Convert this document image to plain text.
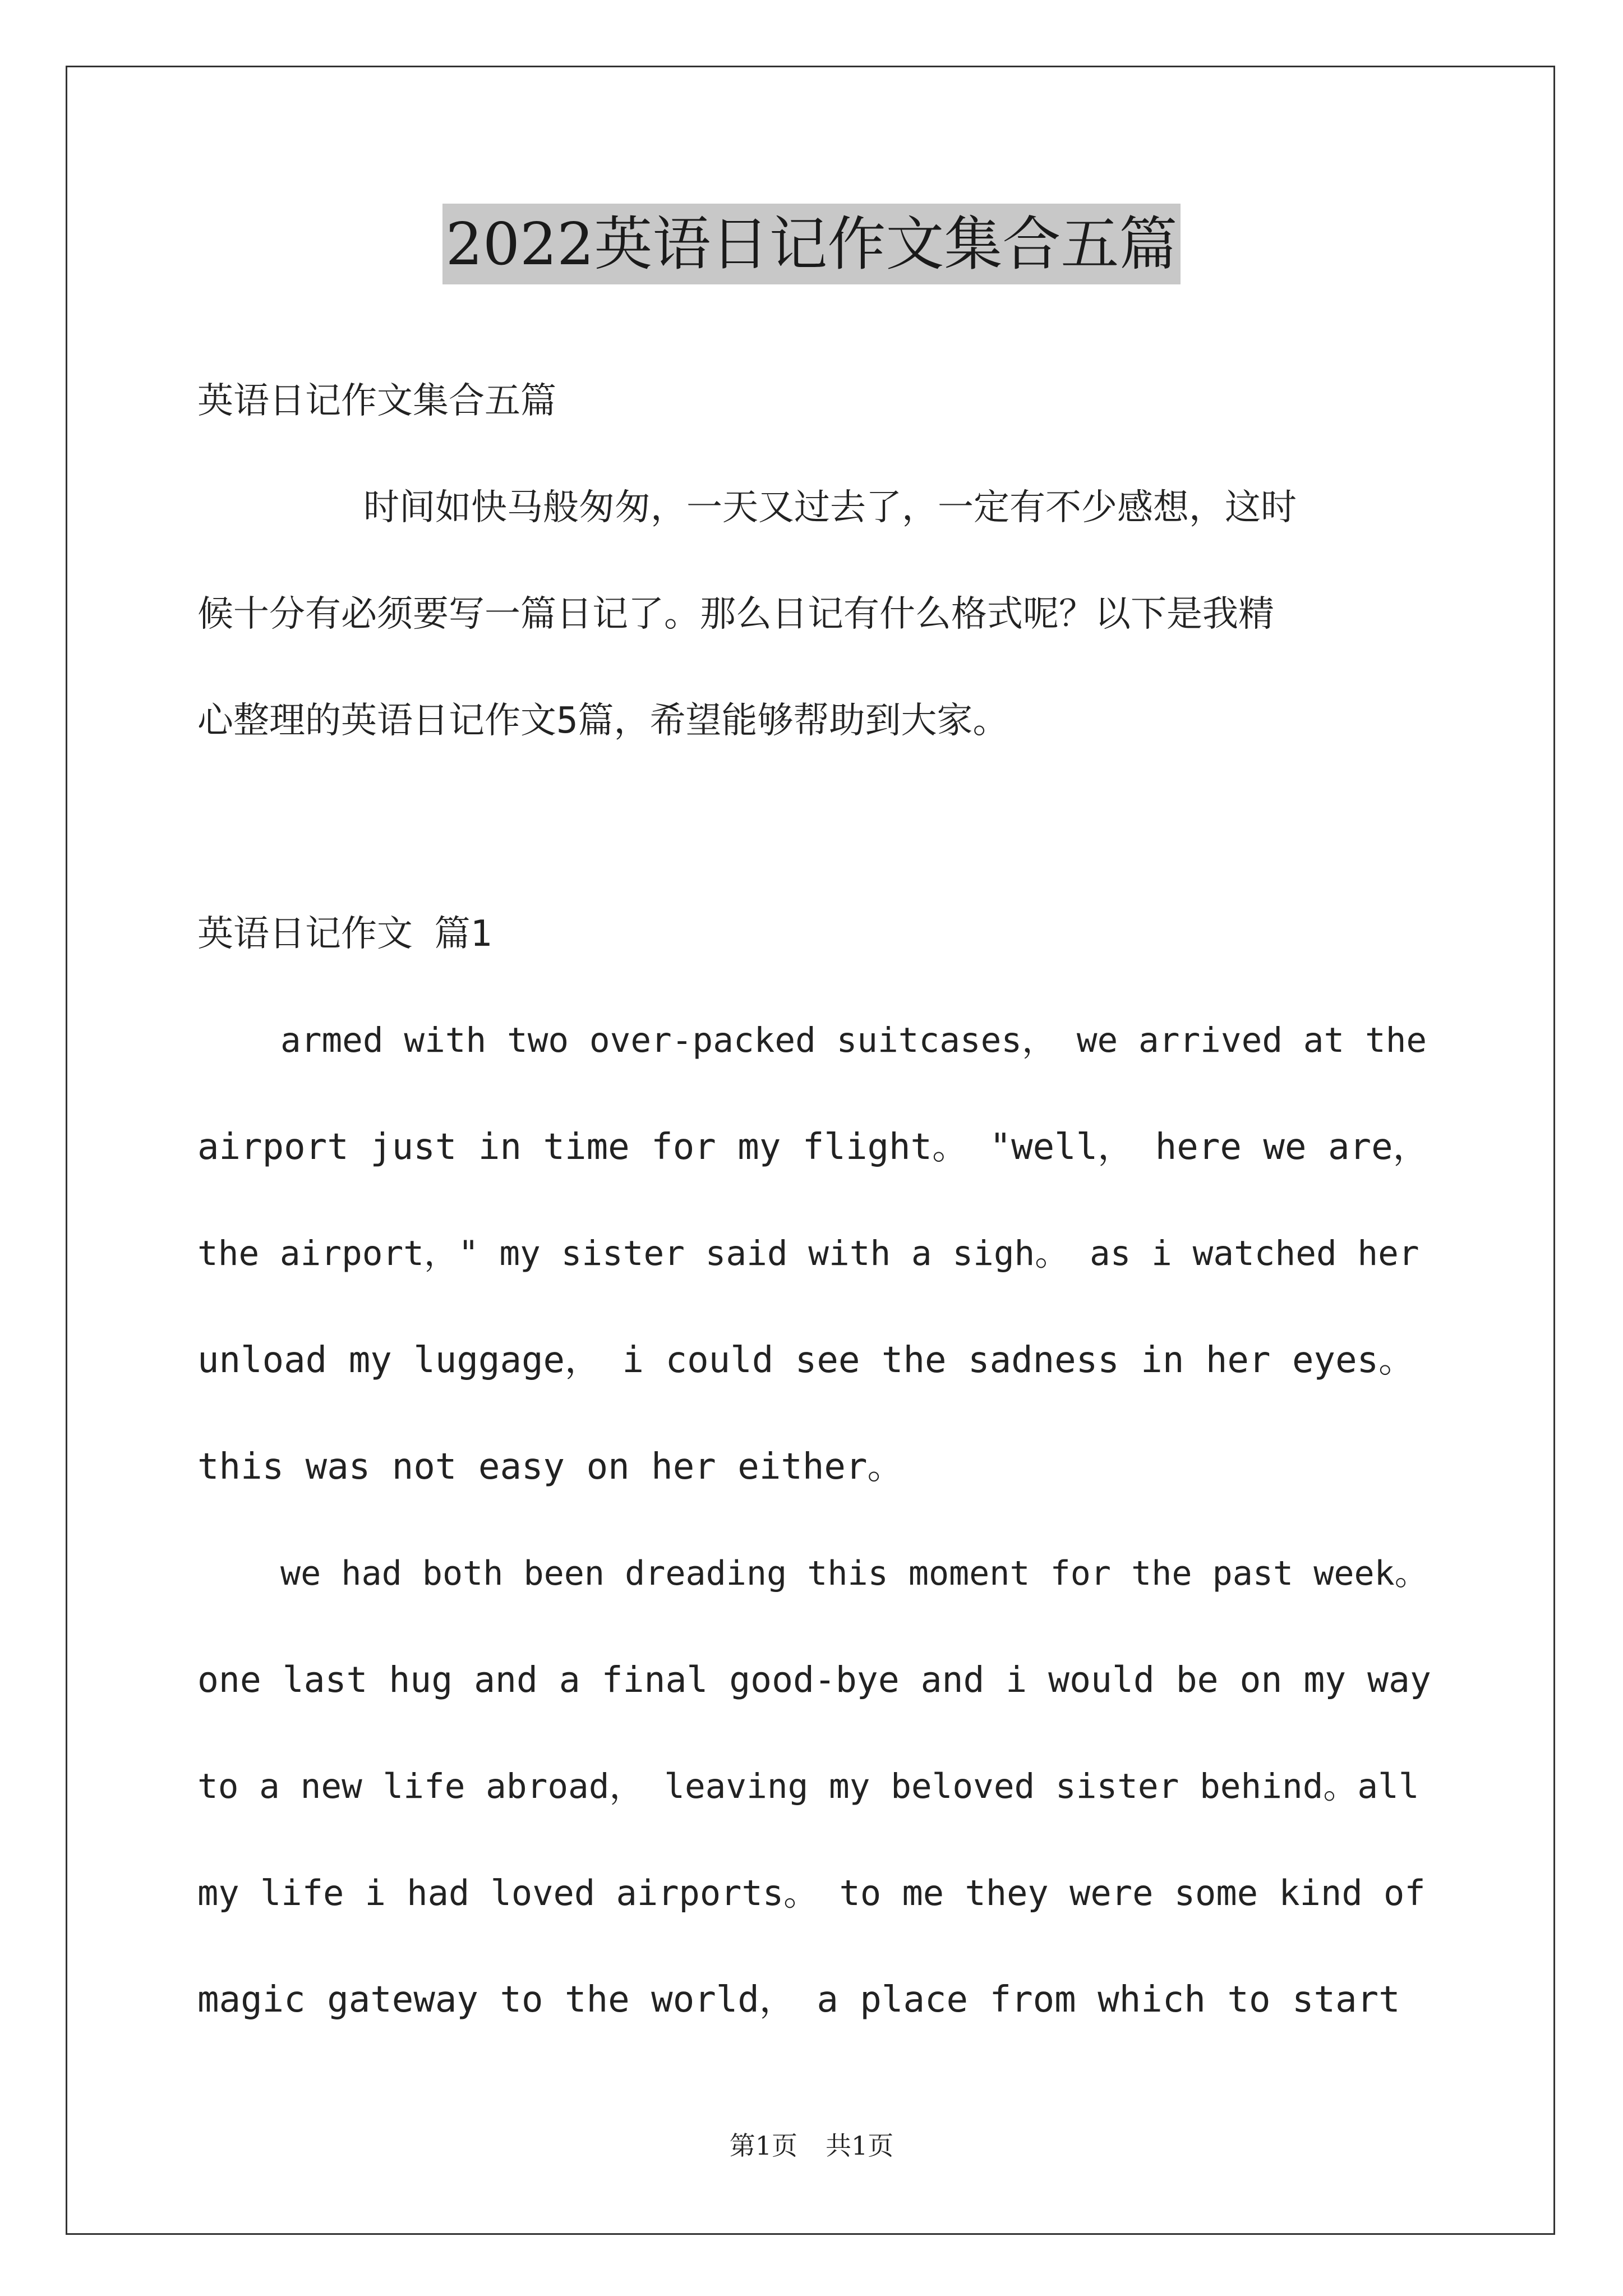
2022英语日记作文集合五篇
英语日记作文集合五篇
时间如快马般匆匆，一天又过去了，一定有不少感想，这时
候十分有必须要写一篇日记了。那么日记有什么格式呢？以下是我精
心整理的英语日记作文5篇，希望能够帮助到大家。
英语日记作文 篇1
armed with two over-packed suitcases， we arrived at the
airport just in time for my flight。 "well， here we are，
the airport，" my sister said with a sigh。 as i watched her
unload my luggage， i could see the sadness in her eyes。
this was not easy on her either。
we had both been dreading this moment for the past week。
one last hug and a final good-bye and i would be on my way
to a new life abroad， leaving my beloved sister behind。all
my life i had loved airports。 to me they were some kind of
magic gateway to the world， a place from which to start
第1页 共1页
